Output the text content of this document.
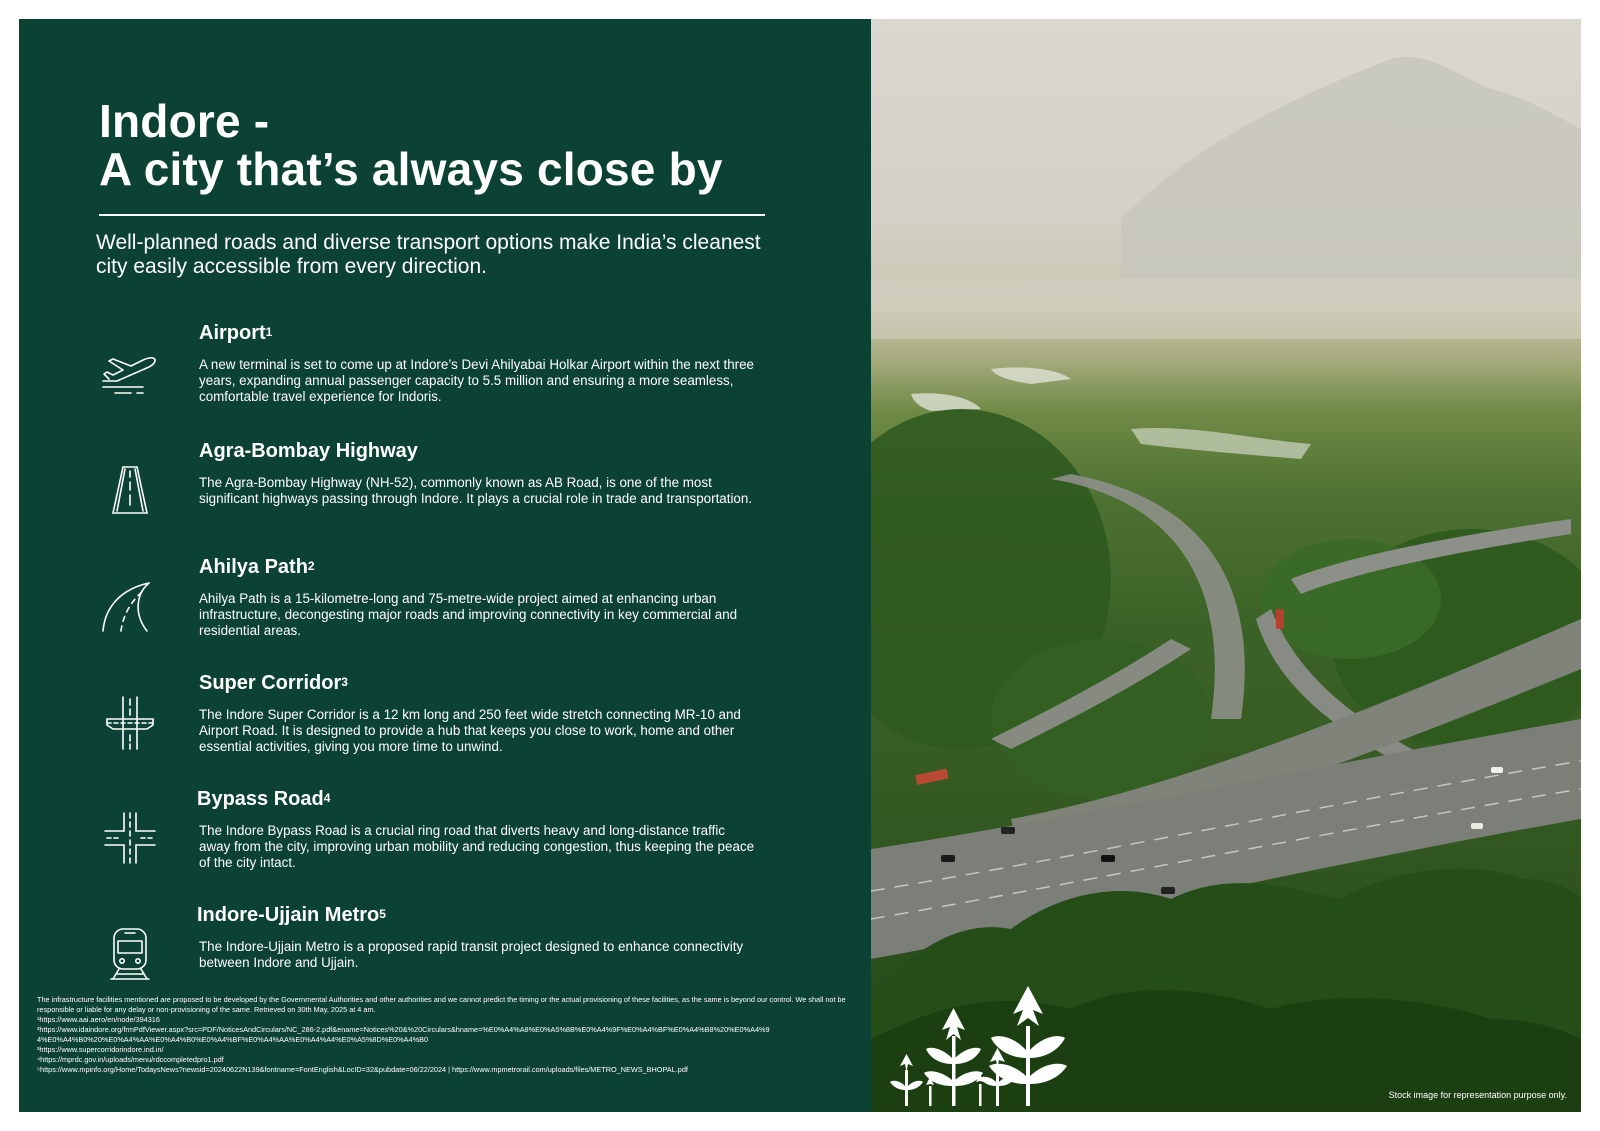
Indore -
A city that’s always close by

Well-planned roads and diverse transport options make India’s cleanest city easily accessible from every direction.

Airport$^1$

A new terminal is set to come up at Indore’s Devi Ahilyabai Holkar Airport within the next three years, expanding annual passenger capacity to 5.5 million and ensuring a more seamless, comfortable travel experience for Indoris.

Agra-Bombay Highway

The Agra-Bombay Highway (NH-52), commonly known as AB Road, is one of the most significant highways passing through Indore. It plays a crucial role in trade and transportation.

Ahilya Path$^2$

Ahilya Path is a 15-kilometre-long and 75-metre-wide project aimed at enhancing urban infrastructure, decongesting major roads and improving connectivity in key commercial and residential areas.

Super Corridor$^3$

The Indore Super Corridor is a 12 km long and 250 feet wide stretch connecting MR-10 and Airport Road. It is designed to provide a hub that keeps you close to work, home and other essential activities, giving you more time to unwind.

Bypass Road$^4$

The Indore Bypass Road is a crucial ring road that diverts heavy and long-distance traffic away from the city, improving urban mobility and reducing congestion, thus keeping the peace of the city intact.

Indore-Ujjain Metro$^5$

The Indore-Ujjain Metro is a proposed rapid transit project designed to enhance connectivity between Indore and Ujjain.

The infrastructure facilities mentioned are proposed to be developed by the Governmental Authorities and other authorities and we cannot predict the timing or the actual provisioning of these facilities, as the same is beyond our control. We shall not be responsible or liable for any delay or non-provisioning of the same. Retrieved on 30th May, 2025 at 4 am.
¹https://www.aai.aero/en/node/394316
²https://www.idaindore.org/frmPdfViewer.aspx?src=PDF/NoticesAndCirculars/NC_286-2.pdf&ename=Notices%20&%20Circulars&hname=%E0%A4%A8%E0%A5%8B%E0%A4%9F%E0%A4%BF%E0%A4%B8%20%E0%A4%9
4%E0%A4%B0%20%E0%A4%AA%E0%A4%B0%E0%A4%BF%E0%A4%AA%E0%A4%A4%E0%A5%8D%E0%A4%B0
³https://www.supercorridorindore.ind.in/
⁴https://mprdc.gov.in/uploads/menu/rdccompletedpro1.pdf
⁵https://www.mpinfo.org/Home/TodaysNews?newsid=20240622N139&fontname=FontEnglish&LocID=32&pubdate=06/22/2024 | https://www.mpmetrorail.com/uploads/files/METRO_NEWS_BHOPAL.pdf
Stock image for representation purpose only.
